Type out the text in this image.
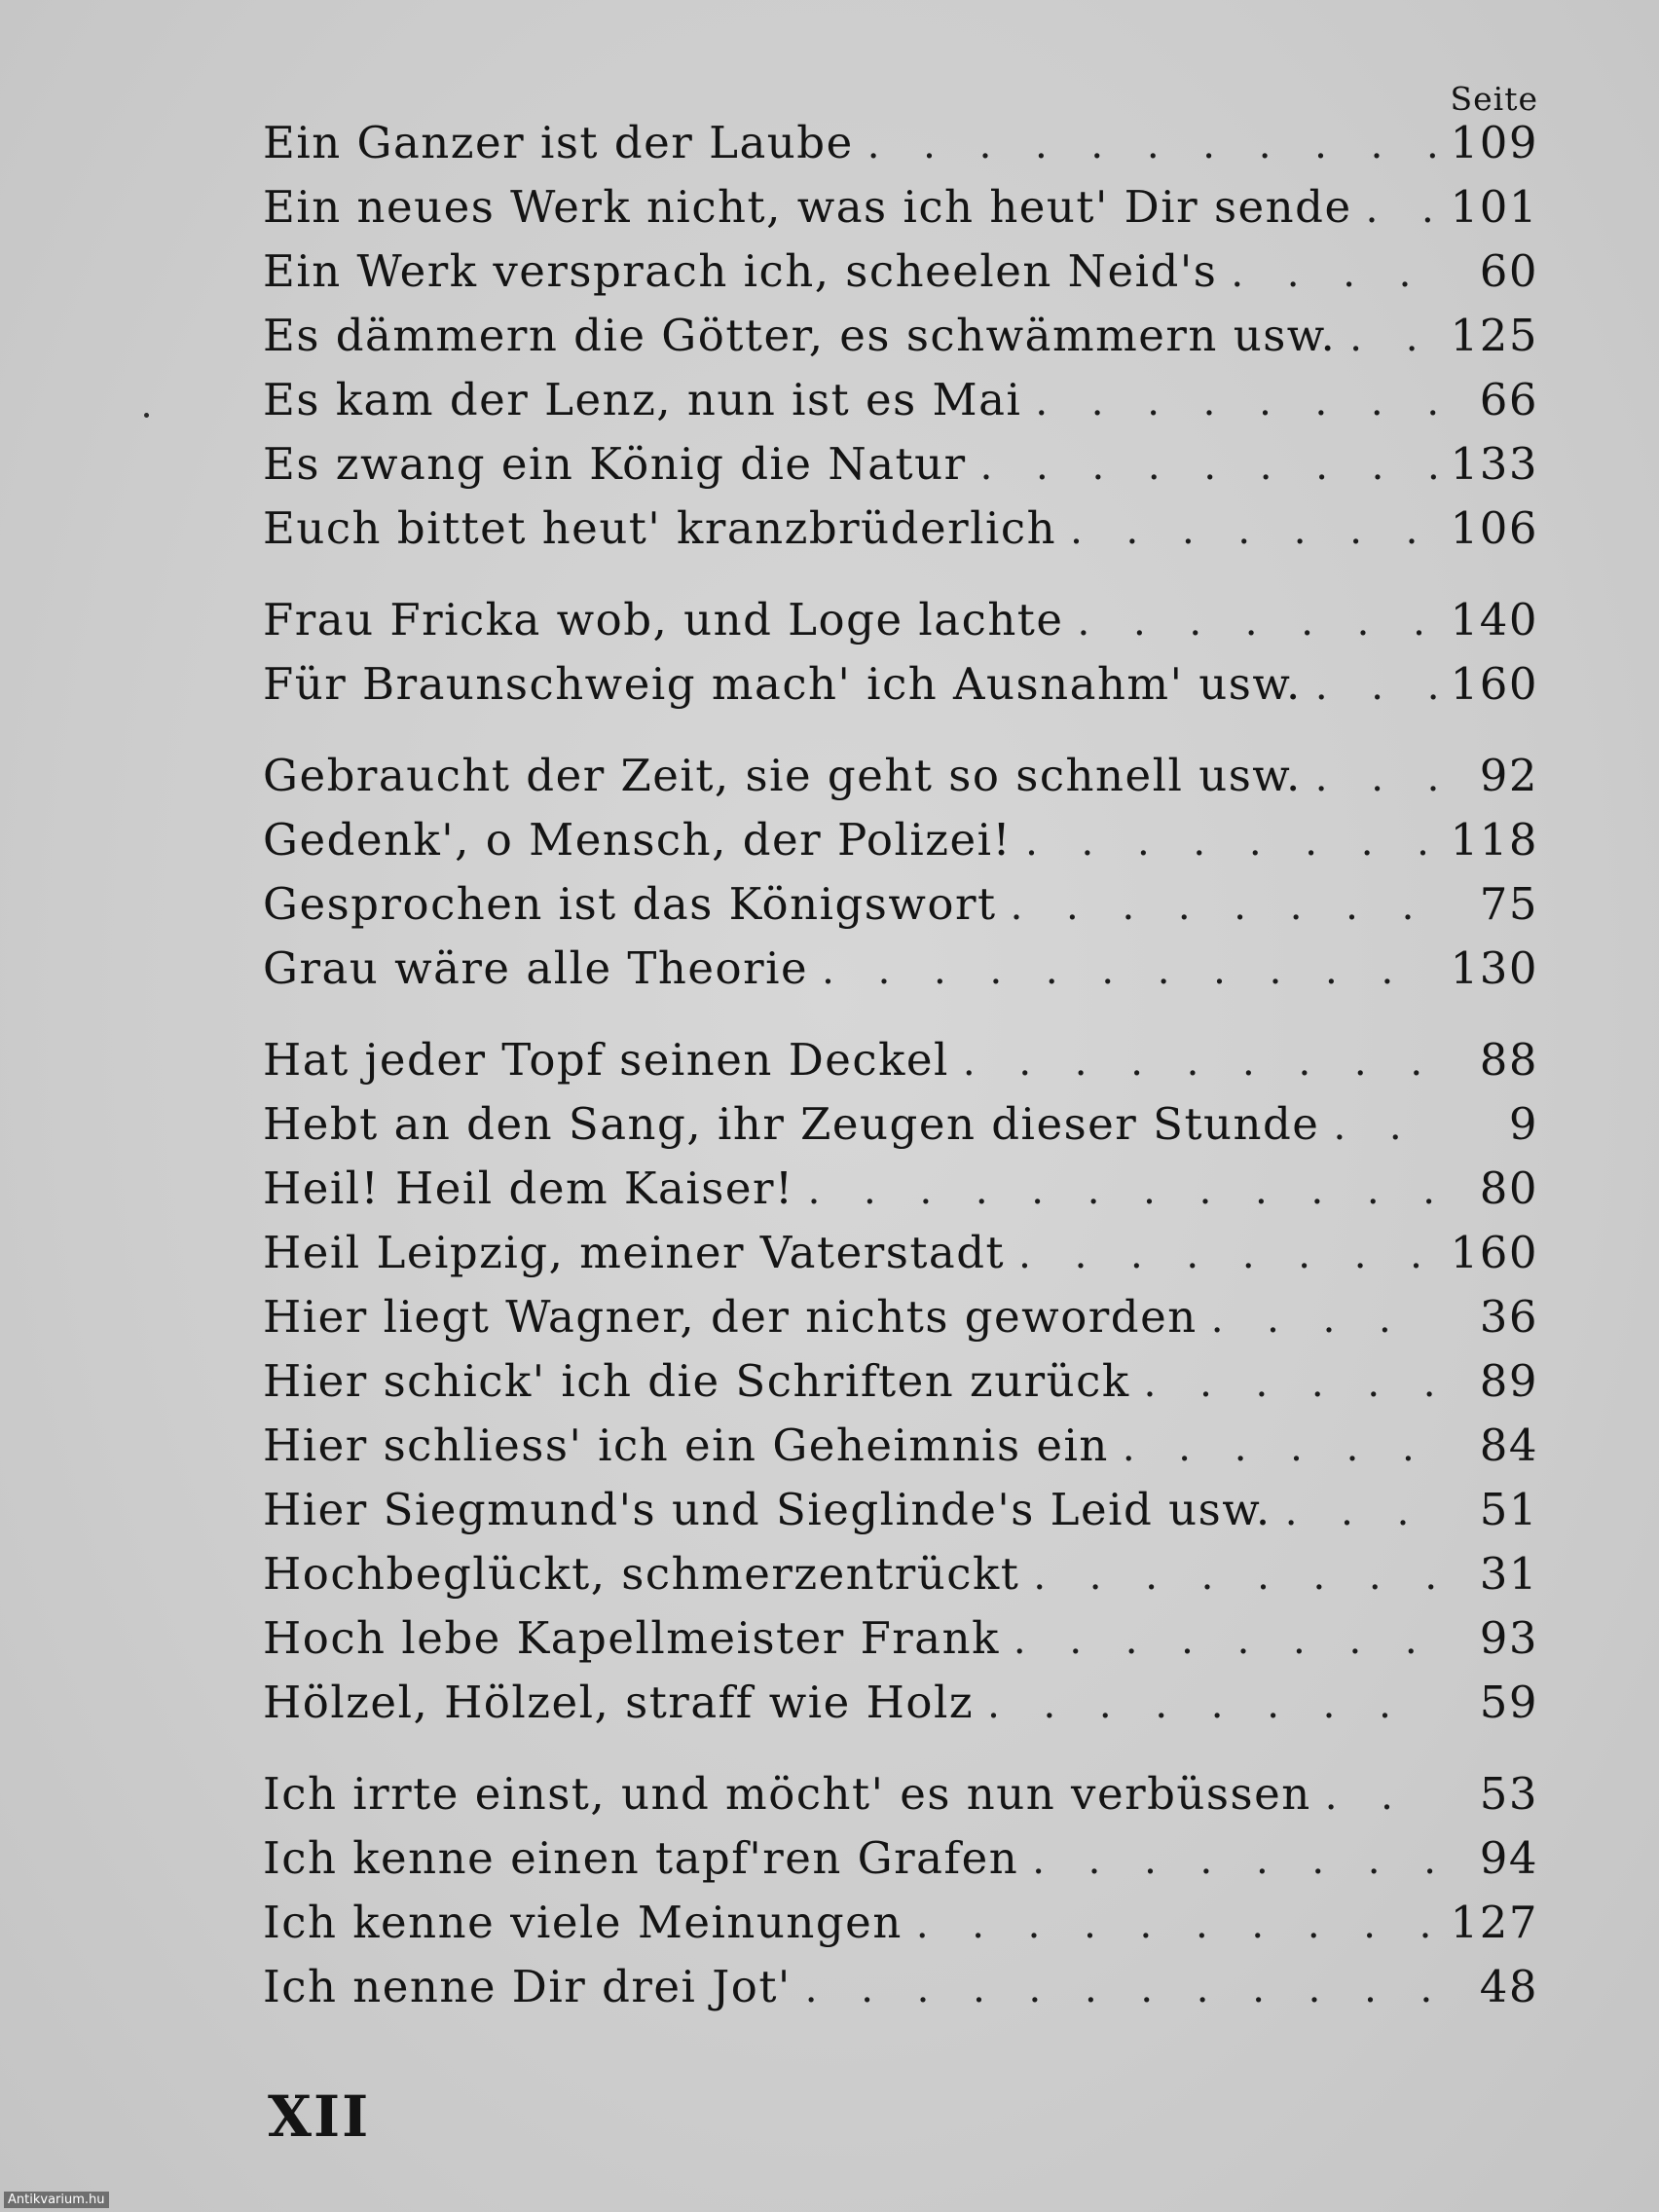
Seite
Ein Ganzer ist der Laube . . .	109
Ein neues Werk nicht, was ich heut' Dir sende . . . 101
Ein Werk versprach ich, scheelen Neid's . . .	60
Es dämmern die Götter, es schwämmern usw. . . .	125
Es kam der Lenz, nun ist es Mai . . .	66
Es zwang ein König die Natur . . .	133
Euch bittet heut' kranzbrüderlich . . .	106
Frau Fricka wob, und Loge lachte . . .	140
Für Braunschweig mach' ich Ausnahm' usw. . . .	160
Gebraucht der Zeit, sie geht so schnell usw. . . .	92
Gedenk', o Mensch, der Polizei! . . .	118
Gesprochen ist das Königswort . . .	75
Grau wäre alle Theorie . . .	130
Hat jeder Topf seinen Deckel . . .	88
Hebt an den Sang, ihr Zeugen dieser Stunde . . .	9
Heil! Heil dem Kaiser! . . .	80
Heil Leipzig, meiner Vaterstadt . . .	160
Hier liegt Wagner, der nichts geworden . . .	36
Hier schick' ich die Schriften zurück . . .	89
Hier schliess' ich ein Geheimnis ein . . .	84
Hier Siegmund's und Sieglinde's Leid usw. . . .	51
Hochbeglückt, schmerzentrückt . . .	31
Hoch lebe Kapellmeister Frank . . .	93
Hölzel, Hölzel, straff wie Holz . . .	59
Ich irrte einst, und möcht' es nun verbüssen . . .	53
Ich kenne einen tapf'ren Grafen . . .	94
Ich kenne viele Meinungen . . .	127
Ich nenne Dir drei Jot' . . .	48
XII
Antikvarium.hu
